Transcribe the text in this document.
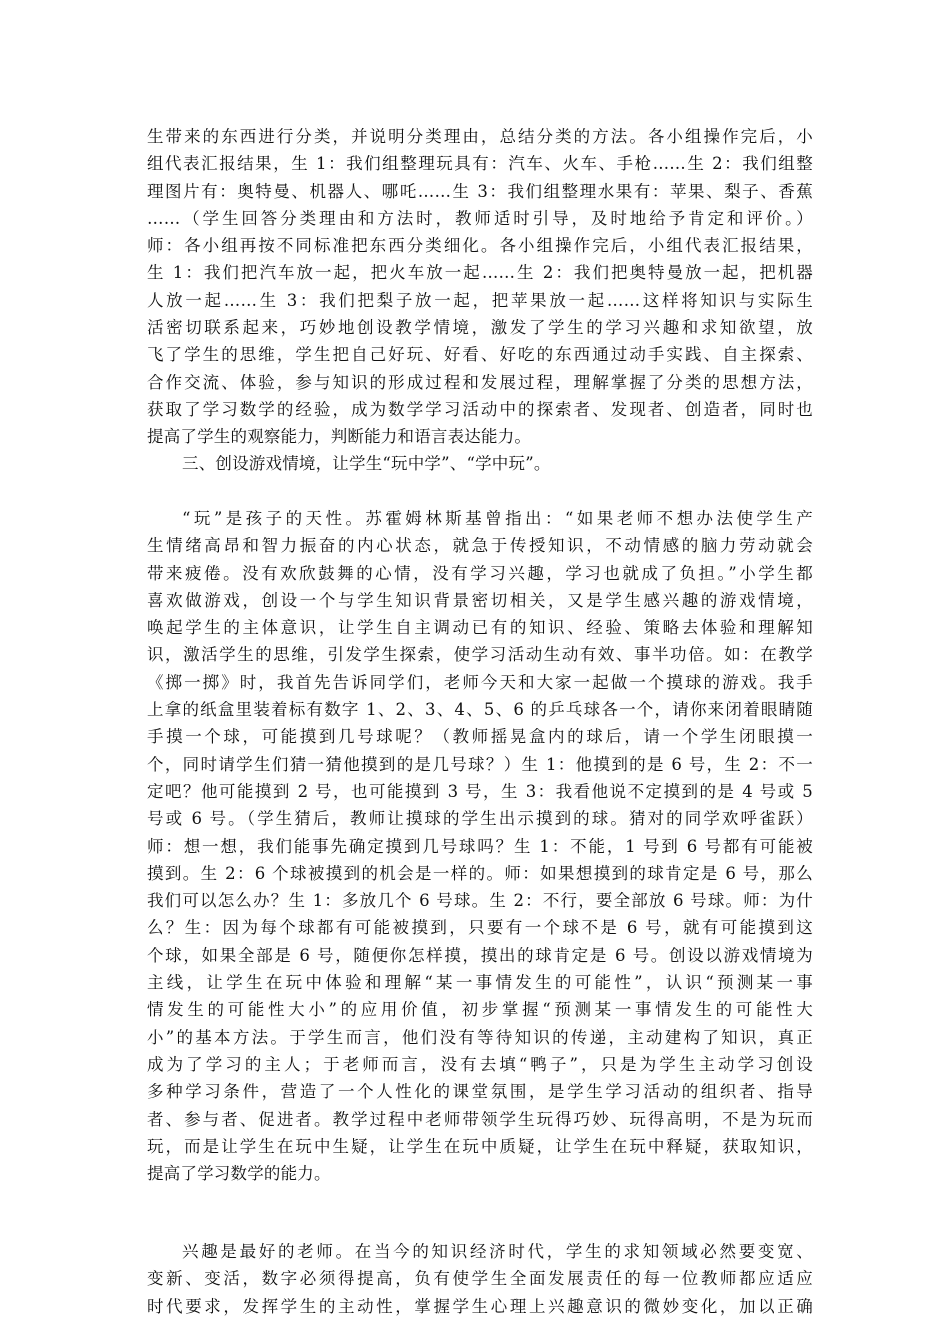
生带来的东西进行分类，并说明分类理由，总结分类的方法。各小组操作完后，小
组代表汇报结果，生 1：我们组整理玩具有：汽车、火车、手枪……生 2：我们组整
理图片有：奥特曼、机器人、哪吒……生 3：我们组整理水果有：苹果、梨子、香蕉
……（学生回答分类理由和方法时，教师适时引导，及时地给予肯定和评价。）
师：各小组再按不同标准把东西分类细化。各小组操作完后，小组代表汇报结果，
生 1：我们把汽车放一起，把火车放一起……生 2：我们把奥特曼放一起，把机器
人放一起……生 3：我们把梨子放一起，把苹果放一起……这样将知识与实际生
活密切联系起来，巧妙地创设教学情境，激发了学生的学习兴趣和求知欲望，放
飞了学生的思维，学生把自己好玩、好看、好吃的东西通过动手实践、自主探索、
合作交流、体验，参与知识的形成过程和发展过程，理解掌握了分类的思想方法，
获取了学习数学的经验，成为数学学习活动中的探索者、发现者、创造者，同时也
提高了学生的观察能力，判断能力和语言表达能力。
三、创设游戏情境，让学生“玩中学”、“学中玩”。
“玩”是孩子的天性。苏霍姆林斯基曾指出：“如果老师不想办法使学生产
生情绪高昂和智力振奋的内心状态，就急于传授知识，不动情感的脑力劳动就会
带来疲倦。没有欢欣鼓舞的心情，没有学习兴趣，学习也就成了负担。”小学生都
喜欢做游戏，创设一个与学生知识背景密切相关，又是学生感兴趣的游戏情境，
唤起学生的主体意识，让学生自主调动已有的知识、经验、策略去体验和理解知
识，激活学生的思维，引发学生探索，使学习活动生动有效、事半功倍。如：在教学
《掷一掷》时，我首先告诉同学们，老师今天和大家一起做一个摸球的游戏。我手
上拿的纸盒里装着标有数字 1、2、3、4、5、6 的乒乓球各一个，请你来闭着眼睛随
手摸一个球，可能摸到几号球呢？（教师摇晃盒内的球后，请一个学生闭眼摸一
个，同时请学生们猜一猜他摸到的是几号球？）生 1：他摸到的是 6 号，生 2：不一
定吧？他可能摸到 2 号，也可能摸到 3 号，生 3：我看他说不定摸到的是 4 号或 5
号或 6 号。（学生猜后，教师让摸球的学生出示摸到的球。猜对的同学欢呼雀跃）
师：想一想，我们能事先确定摸到几号球吗？生 1：不能，1 号到 6 号都有可能被
摸到。生 2：6 个球被摸到的机会是一样的。师：如果想摸到的球肯定是 6 号，那么
我们可以怎么办？生 1：多放几个 6 号球。生 2：不行，要全部放 6 号球。师：为什
么？生：因为每个球都有可能被摸到，只要有一个球不是 6 号，就有可能摸到这
个球，如果全部是 6 号，随便你怎样摸，摸出的球肯定是 6 号。创设以游戏情境为
主线，让学生在玩中体验和理解“某一事情发生的可能性”，认识“预测某一事
情发生的可能性大小”的应用价值，初步掌握“预测某一事情发生的可能性大
小”的基本方法。于学生而言，他们没有等待知识的传递，主动建构了知识，真正
成为了学习的主人；于老师而言，没有去填“鸭子”，只是为学生主动学习创设
多种学习条件，营造了一个人性化的课堂氛围，是学生学习活动的组织者、指导
者、参与者、促进者。教学过程中老师带领学生玩得巧妙、玩得高明，不是为玩而
玩，而是让学生在玩中生疑，让学生在玩中质疑，让学生在玩中释疑，获取知识，
提高了学习数学的能力。
兴趣是最好的老师。在当今的知识经济时代，学生的求知领域必然要变宽、
变新、变活，数字必须得提高，负有使学生全面发展责任的每一位教师都应适应
时代要求，发挥学生的主动性，掌握学生心理上兴趣意识的微妙变化，加以正确
